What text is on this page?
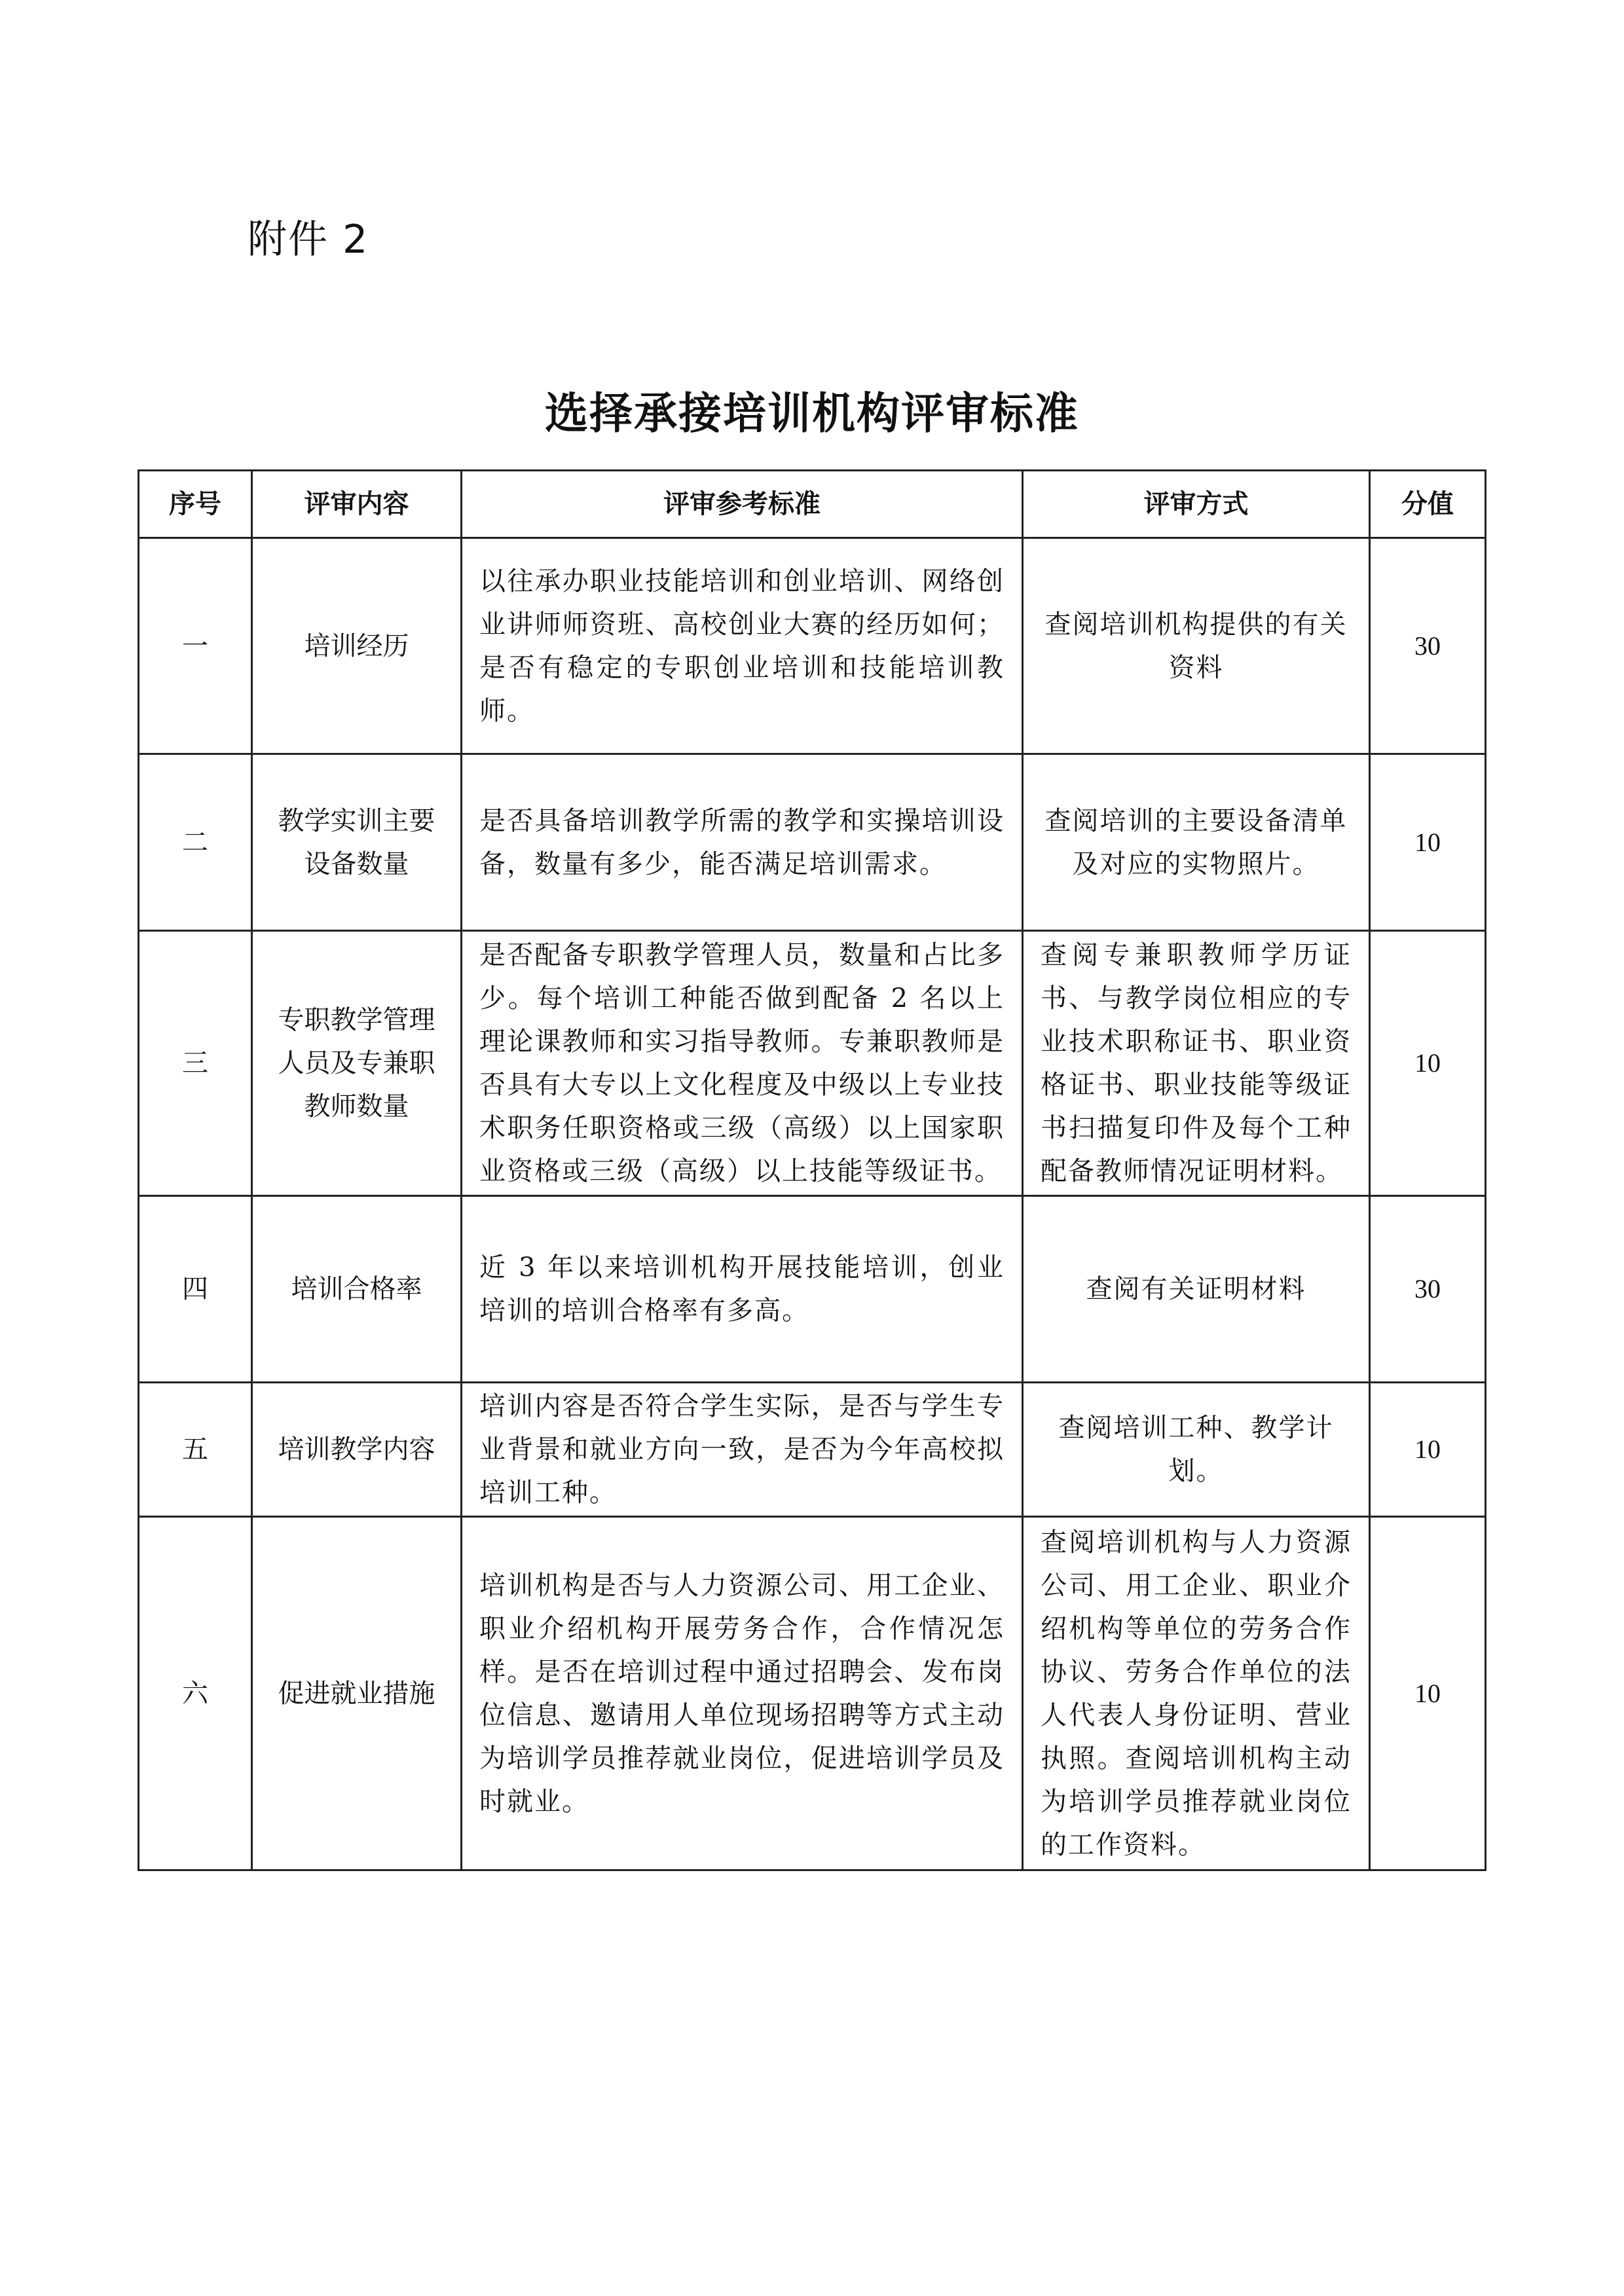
附件 2
选择承接培训机构评审标准
序号	评审内容	评审参考标准	评审方式	分值
一	培训经历	以往承办职业技能培训和创业培训、网络创业讲师师资班、高校创业大赛的经历如何；是否有稳定的专职创业培训和技能培训教师。	查阅培训机构提供的有关资料	30
二	教学实训主要设备数量	是否具备培训教学所需的教学和实操培训设备，数量有多少，能否满足培训需求。	查阅培训的主要设备清单及对应的实物照片。	10
三	专职教学管理人员及专兼职教师数量	是否配备专职教学管理人员，数量和占比多少。每个培训工种能否做到配备 2 名以上理论课教师和实习指导教师。专兼职教师是否具有大专以上文化程度及中级以上专业技术职务任职资格或三级（高级）以上国家职业资格或三级（高级）以上技能等级证书。	查阅专兼职教师学历证书、与教学岗位相应的专业技术职称证书、职业资格证书、职业技能等级证书扫描复印件及每个工种配备教师情况证明材料。	10
四	培训合格率	近 3 年以来培训机构开展技能培训，创业培训的培训合格率有多高。	查阅有关证明材料	30
五	培训教学内容	培训内容是否符合学生实际，是否与学生专业背景和就业方向一致，是否为今年高校拟培训工种。	查阅培训工种、教学计划。	10
六	促进就业措施	培训机构是否与人力资源公司、用工企业、职业介绍机构开展劳务合作，合作情况怎样。是否在培训过程中通过招聘会、发布岗位信息、邀请用人单位现场招聘等方式主动为培训学员推荐就业岗位，促进培训学员及时就业。	查阅培训机构与人力资源公司、用工企业、职业介绍机构等单位的劳务合作协议、劳务合作单位的法人代表人身份证明、营业执照。查阅培训机构主动为培训学员推荐就业岗位的工作资料。	10
